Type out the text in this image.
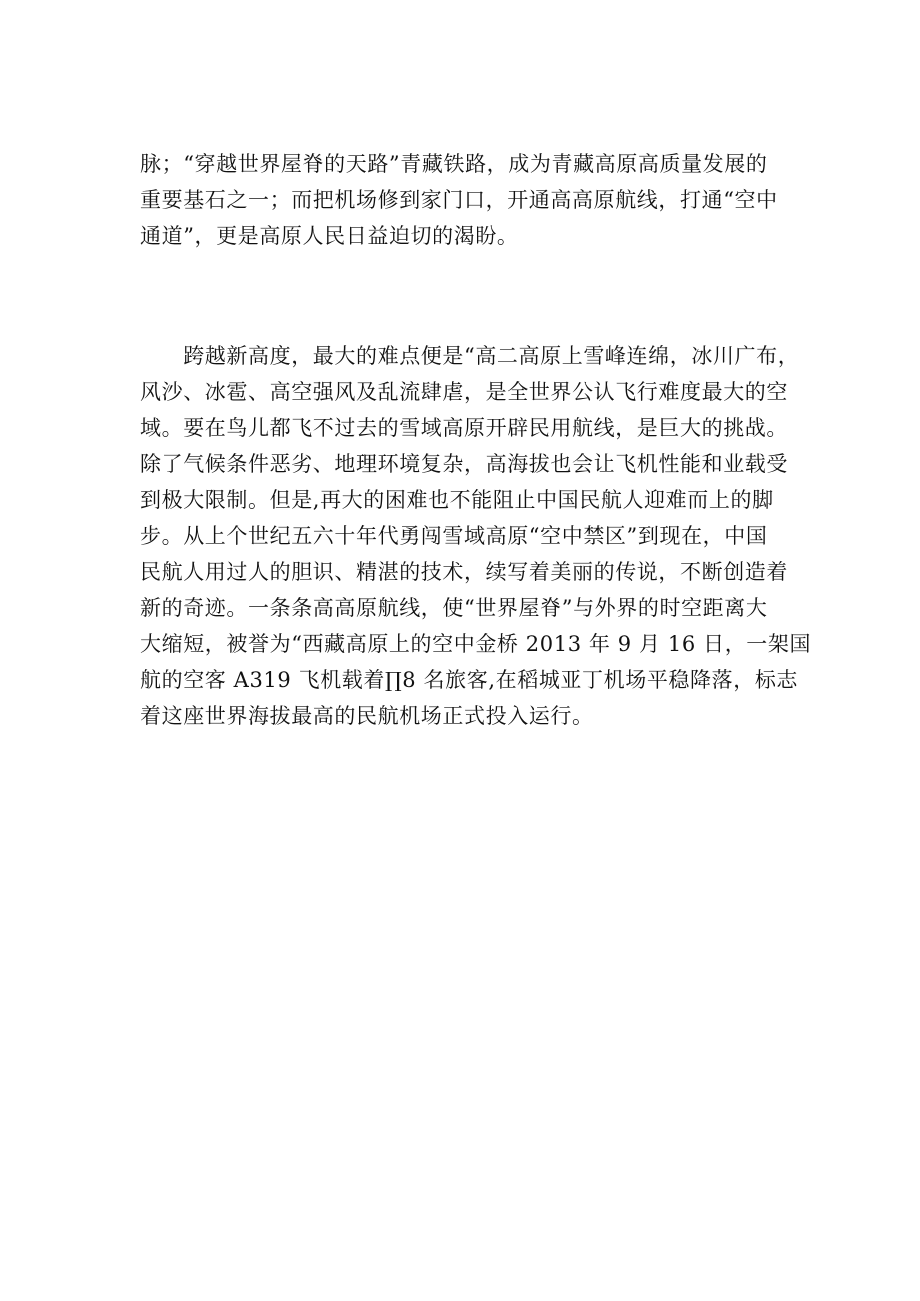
脉；“穿越世界屋脊的天路”青藏铁路，成为青藏高原高质量发展的
重要基石之一；而把机场修到家门口，开通高高原航线，打通“空中
通道”，更是高原人民日益迫切的渴盼。
　　跨越新高度，最大的难点便是“高二高原上雪峰连绵，冰川广布，
风沙、冰雹、高空强风及乱流肆虐，是全世界公认飞行难度最大的空
域。要在鸟儿都飞不过去的雪域高原开辟民用航线，是巨大的挑战。
除了气候条件恶劣、地理环境复杂，高海拔也会让飞机性能和业载受
到极大限制。但是,再大的困难也不能阻止中国民航人迎难而上的脚
步。从上个世纪五六十年代勇闯雪域高原“空中禁区”到现在，中国
民航人用过人的胆识、精湛的技术，续写着美丽的传说，不断创造着
新的奇迹。一条条高高原航线，使“世界屋脊”与外界的时空距离大
大缩短，被誉为“西藏高原上的空中金桥 2013 年 9 月 16 日，一架国
航的空客 A319 飞机载着∏8 名旅客,在稻城亚丁机场平稳降落，标志
着这座世界海拔最高的民航机场正式投入运行。
